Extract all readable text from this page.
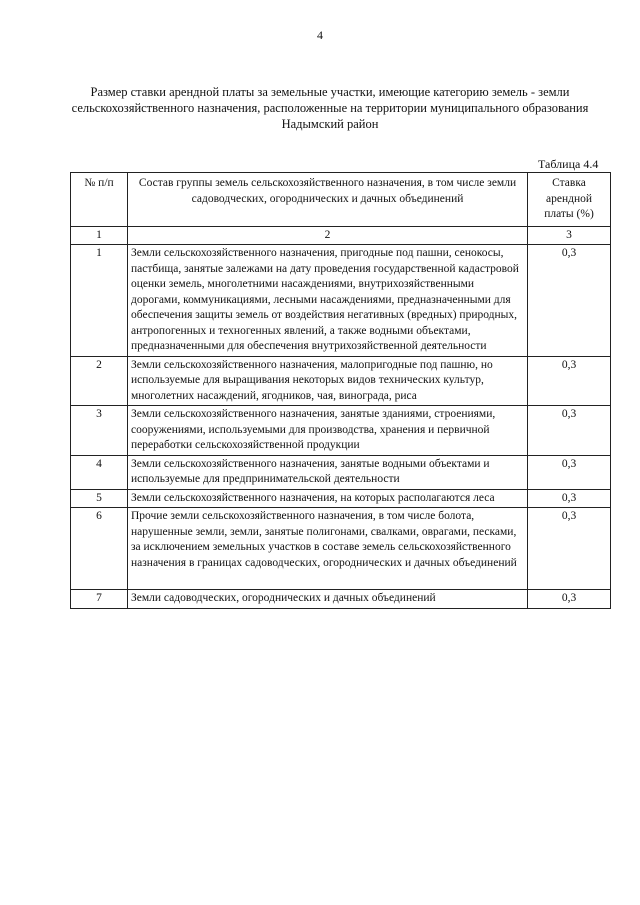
4
Размер ставки арендной платы за земельные участки, имеющие категорию земель - земли сельскохозяйственного назначения, расположенные на территории муниципального образования Надымский район
Таблица 4.4
№ п/п	Состав группы земель сельскохозяйственного назначения, в том числе земли садоводческих, огороднических и дачных объединений	Ставка арендной платы (%)
1	2	3
1	Земли сельскохозяйственного назначения, пригодные под пашни, сенокосы, пастбища, занятые залежами на дату проведения государственной кадастровой оценки земель, многолетними насаждениями, внутрихозяйственными дорогами, коммуникациями, лесными насаждениями, предназначенными для обеспечения защиты земель от воздействия негативных (вредных) природных, антропогенных и техногенных явлений, а также водными объектами, предназначенными для обеспечения внутрихозяйственной деятельности	0,3
2	Земли сельскохозяйственного назначения, малопригодные под пашню, но используемые для выращивания некоторых видов технических культур, многолетних насаждений, ягодников, чая, винограда, риса	0,3
3	Земли сельскохозяйственного назначения, занятые зданиями, строениями, сооружениями, используемыми для производства, хранения и первичной переработки сельскохозяйственной продукции	0,3
4	Земли сельскохозяйственного назначения, занятые водными объектами и используемые для предпринимательской деятельности	0,3
5	Земли сельскохозяйственного назначения, на которых располагаются леса	0,3
6	Прочие земли сельскохозяйственного назначения, в том числе болота, нарушенные земли, земли, занятые полигонами, свалками, оврагами, песками, за исключением земельных участков в составе земель сельскохозяйственного назначения в границах садоводческих, огороднических и дачных объединений	0,3
7	Земли садоводческих, огороднических и дачных объединений	0,3
